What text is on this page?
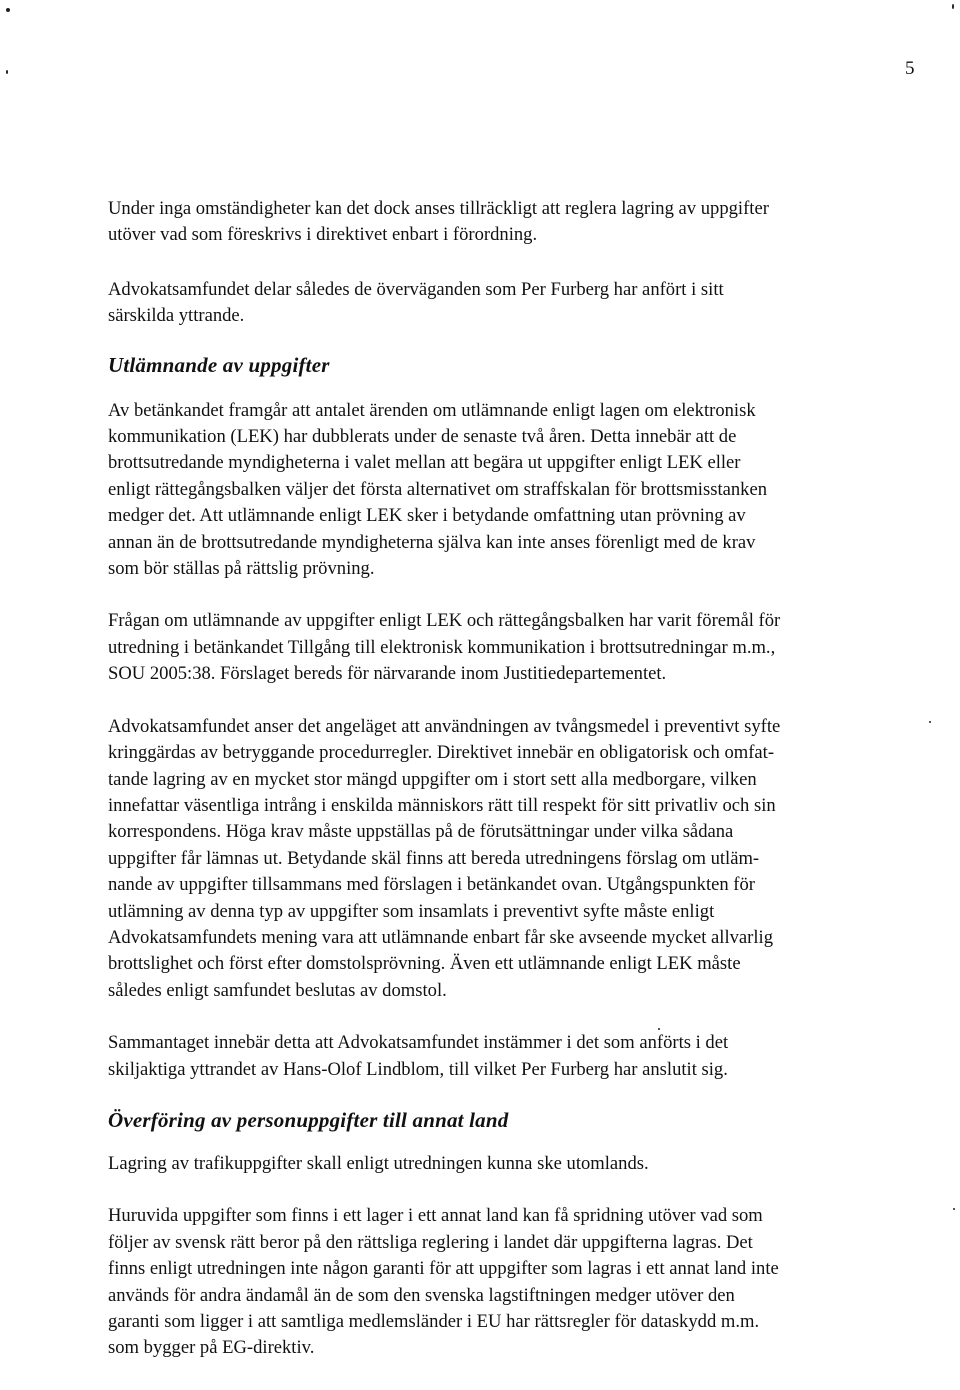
5

Under inga omständigheter kan det dock anses tillräckligt att reglera lagring av uppgifter
utöver vad som föreskrivs i direktivet enbart i förordning.

Advokatsamfundet delar således de överväganden som Per Furberg har anfört i sitt
särskilda yttrande.

Utlämnande av uppgifter

Av betänkandet framgår att antalet ärenden om utlämnande enligt lagen om elektronisk
kommunikation (LEK) har dubblerats under de senaste två åren. Detta innebär att de
brottsutredande myndigheterna i valet mellan att begära ut uppgifter enligt LEK eller
enligt rättegångsbalken väljer det första alternativet om straffskalan för brottsmisstanken
medger det. Att utlämnande enligt LEK sker i betydande omfattning utan prövning av
annan än de brottsutredande myndigheterna själva kan inte anses förenligt med de krav
som bör ställas på rättslig prövning.

Frågan om utlämnande av uppgifter enligt LEK och rättegångsbalken har varit föremål för
utredning i betänkandet Tillgång till elektronisk kommunikation i brottsutredningar m.m.,
SOU 2005:38. Förslaget bereds för närvarande inom Justitiedepartementet.

Advokatsamfundet anser det angeläget att användningen av tvångsmedel i preventivt syfte
kringgärdas av betryggande procedurregler. Direktivet innebär en obligatorisk och omfat-
tande lagring av en mycket stor mängd uppgifter om i stort sett alla medborgare, vilken
innefattar väsentliga intrång i enskilda människors rätt till respekt för sitt privatliv och sin
korrespondens. Höga krav måste uppställas på de förutsättningar under vilka sådana
uppgifter får lämnas ut. Betydande skäl finns att bereda utredningens förslag om utläm-
nande av uppgifter tillsammans med förslagen i betänkandet ovan. Utgångspunkten för
utlämning av denna typ av uppgifter som insamlats i preventivt syfte måste enligt
Advokatsamfundets mening vara att utlämnande enbart får ske avseende mycket allvarlig
brottslighet och först efter domstolsprövning. Även ett utlämnande enligt LEK måste
således enligt samfundet beslutas av domstol.

Sammantaget innebär detta att Advokatsamfundet instämmer i det som anförts i det
skiljaktiga yttrandet av Hans-Olof Lindblom, till vilket Per Furberg har anslutit sig.

Överföring av personuppgifter till annat land

Lagring av trafikuppgifter skall enligt utredningen kunna ske utomlands.

Huruvida uppgifter som finns i ett lager i ett annat land kan få spridning utöver vad som
följer av svensk rätt beror på den rättsliga reglering i landet där uppgifterna lagras. Det
finns enligt utredningen inte någon garanti för att uppgifter som lagras i ett annat land inte
används för andra ändamål än de som den svenska lagstiftningen medger utöver den
garanti som ligger i att samtliga medlemsländer i EU har rättsregler för dataskydd m.m.
som bygger på EG-direktiv.
